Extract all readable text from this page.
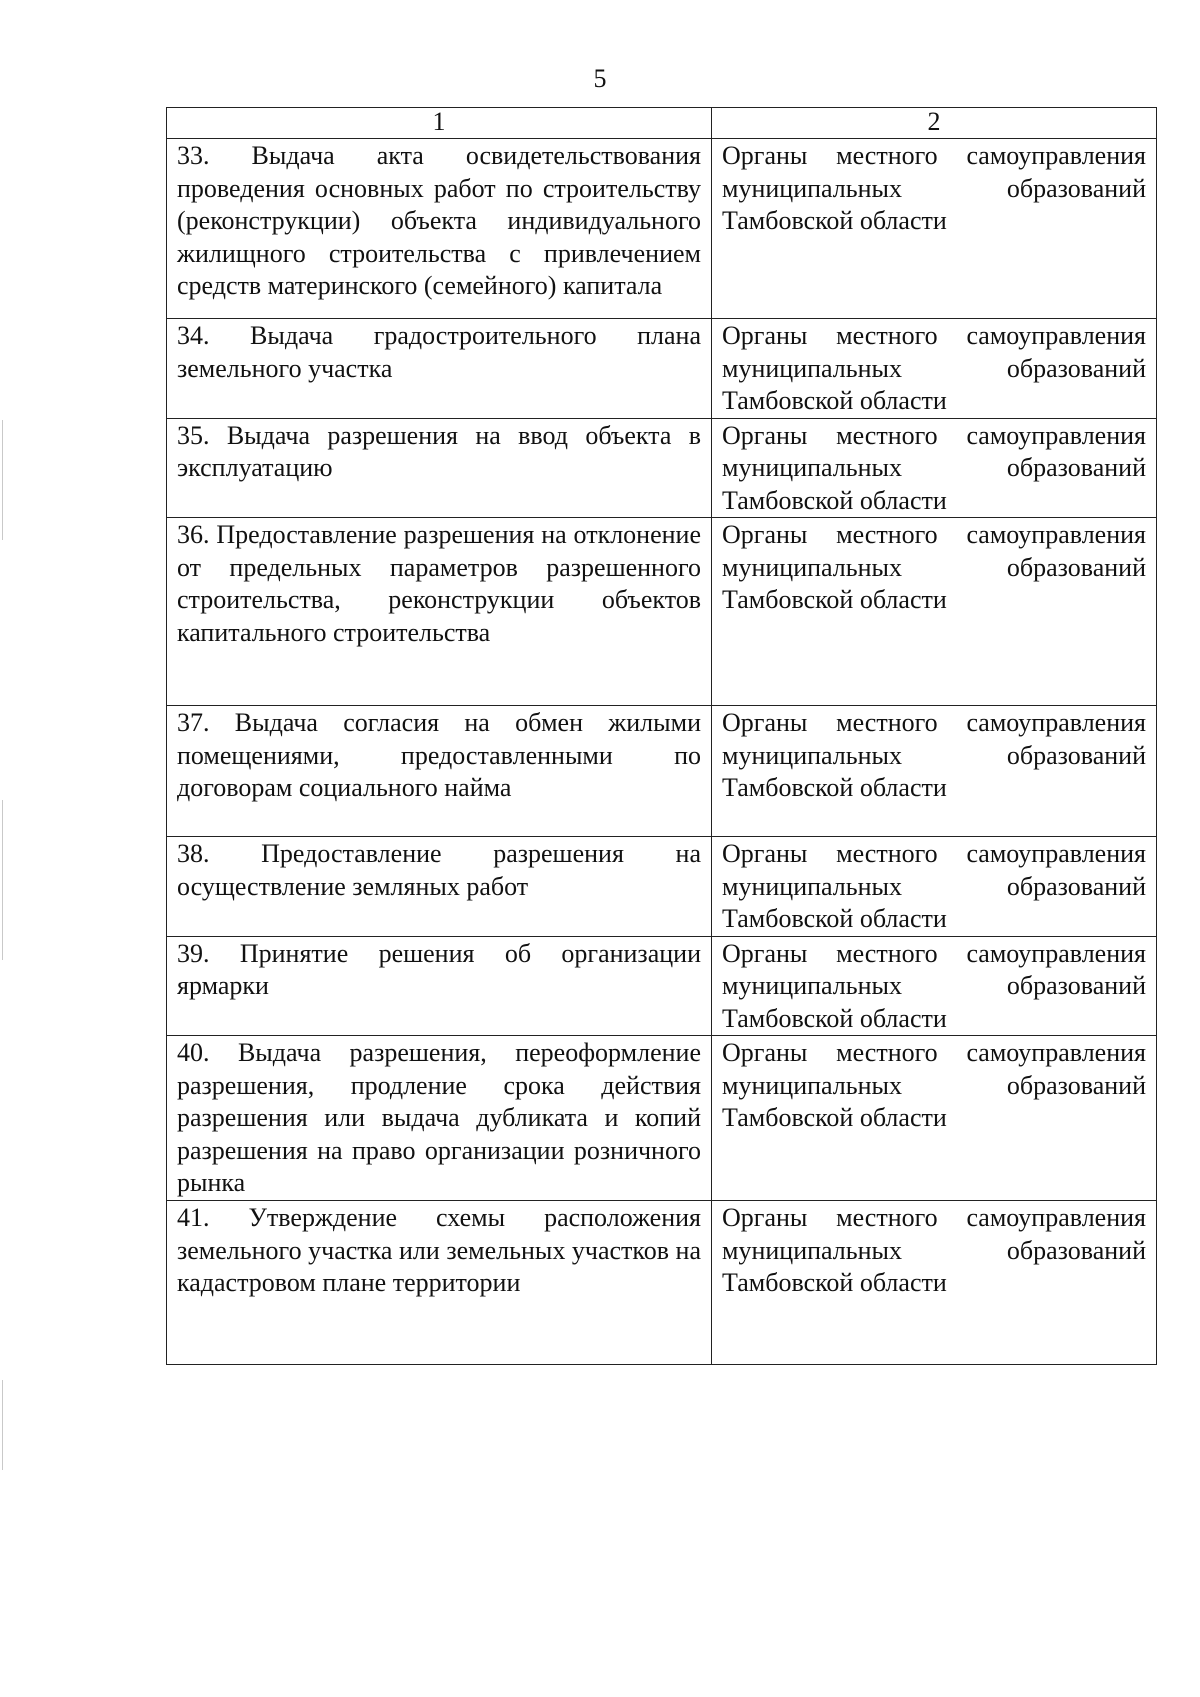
5
1	2
33. Выдача акта освидетельствования проведения основных работ по строительству (реконструкции) объекта индивидуального жилищного строительства с привлечением средств материнского (семейного) капитала	Органы местного самоуправления муниципальных образований Тамбовской области
34. Выдача градостроительного плана земельного участка	Органы местного самоуправления муниципальных образований Тамбовской области
35. Выдача разрешения на ввод объекта в эксплуатацию	Органы местного самоуправления муниципальных образований Тамбовской области
36. Предоставление разрешения на отклонение от предельных параметров разрешенного строительства, реконструкции объектов капитального строительства	Органы местного самоуправления муниципальных образований Тамбовской области
37. Выдача согласия на обмен жилыми помещениями, предоставленными по договорам социального найма	Органы местного самоуправления муниципальных образований Тамбовской области
38. Предоставление разрешения на осуществление земляных работ	Органы местного самоуправления муниципальных образований Тамбовской области
39. Принятие решения об организации ярмарки	Органы местного самоуправления муниципальных образований Тамбовской области
40. Выдача разрешения, переоформление разрешения, продление срока действия разрешения или выдача дубликата и копий разрешения на право организации розничного рынка	Органы местного самоуправления муниципальных образований Тамбовской области
41. Утверждение схемы расположения земельного участка или земельных участков на кадастровом плане территории	Органы местного самоуправления муниципальных образований Тамбовской области
